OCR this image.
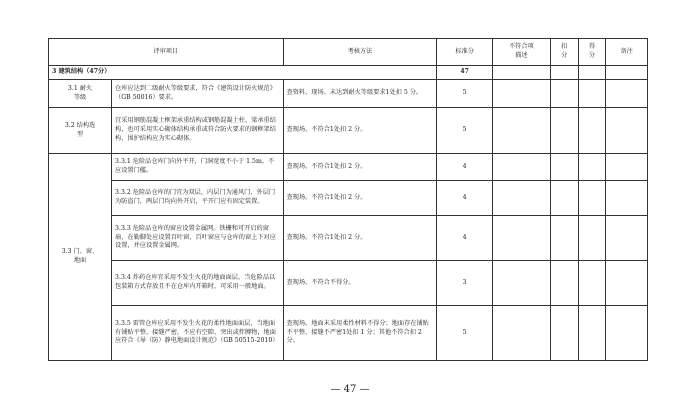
评审项目		考核方法	标准分	不符合项
描述	扣
分	得
分	备注
3 建筑结构（47分）			47				
3.1 耐火
等级	仓库应达到二级耐火等级要求，符合《建筑设计防火规范》（GB 50016）要求。	查资料，现场。未达到耐火等级要求1处扣 5 分。	5				
3.2 结构选
型	宜采用钢筋混凝土框架承重结构或钢筋混凝土柱、梁承重结构，也可采用实心砌体结构承重或符合防火要求的钢框架结构，围护结构应为实心砌体。	查现场。不符合1处扣 2 分。	5				
3.3 门、窗、
地面	3.3.1 危险品仓库门向外平开，门洞宽度不小于 1.5m。不应设置门槛。	查现场。不符合1处扣 2 分。	4				
	3.3.2 危险品仓库的门宜为双层，内层门为通风门，外层门为防盗门，两层门均向外开启，平开门应有固定装置。	查现场。不符合1处扣 2 分。	4				
	3.3.3 危险品仓库的窗应设置金属网。铁栅和可开启的窗扇，在勒脚处应设置百叶窗，百叶窗应与仓库的窗上下对应设置，并应设置金属网。	查现场。不符合1处扣 2 分。	4				
	3.3.4 炸药仓库宜采用不发生火花的地面面层，当危险品以包装箱方式存放且不在仓库内开箱时，可采用一般地面。	查现场。不符合不得分。	3				
	3.3.5 雷管仓库应采用不发生火花的柔性地面面层，当地面有铺贴平整、接缝严密，不应有空隙、突出或拌膊物，地面应符合《导（防）静电地面设计规范》（GB 50515-2010）	查现场。地面未采用柔性材料不得分；地面存在铺贴不平整、接缝不严密1处扣 1 分；其他不符合扣 2 分。	5				
— 47 —
